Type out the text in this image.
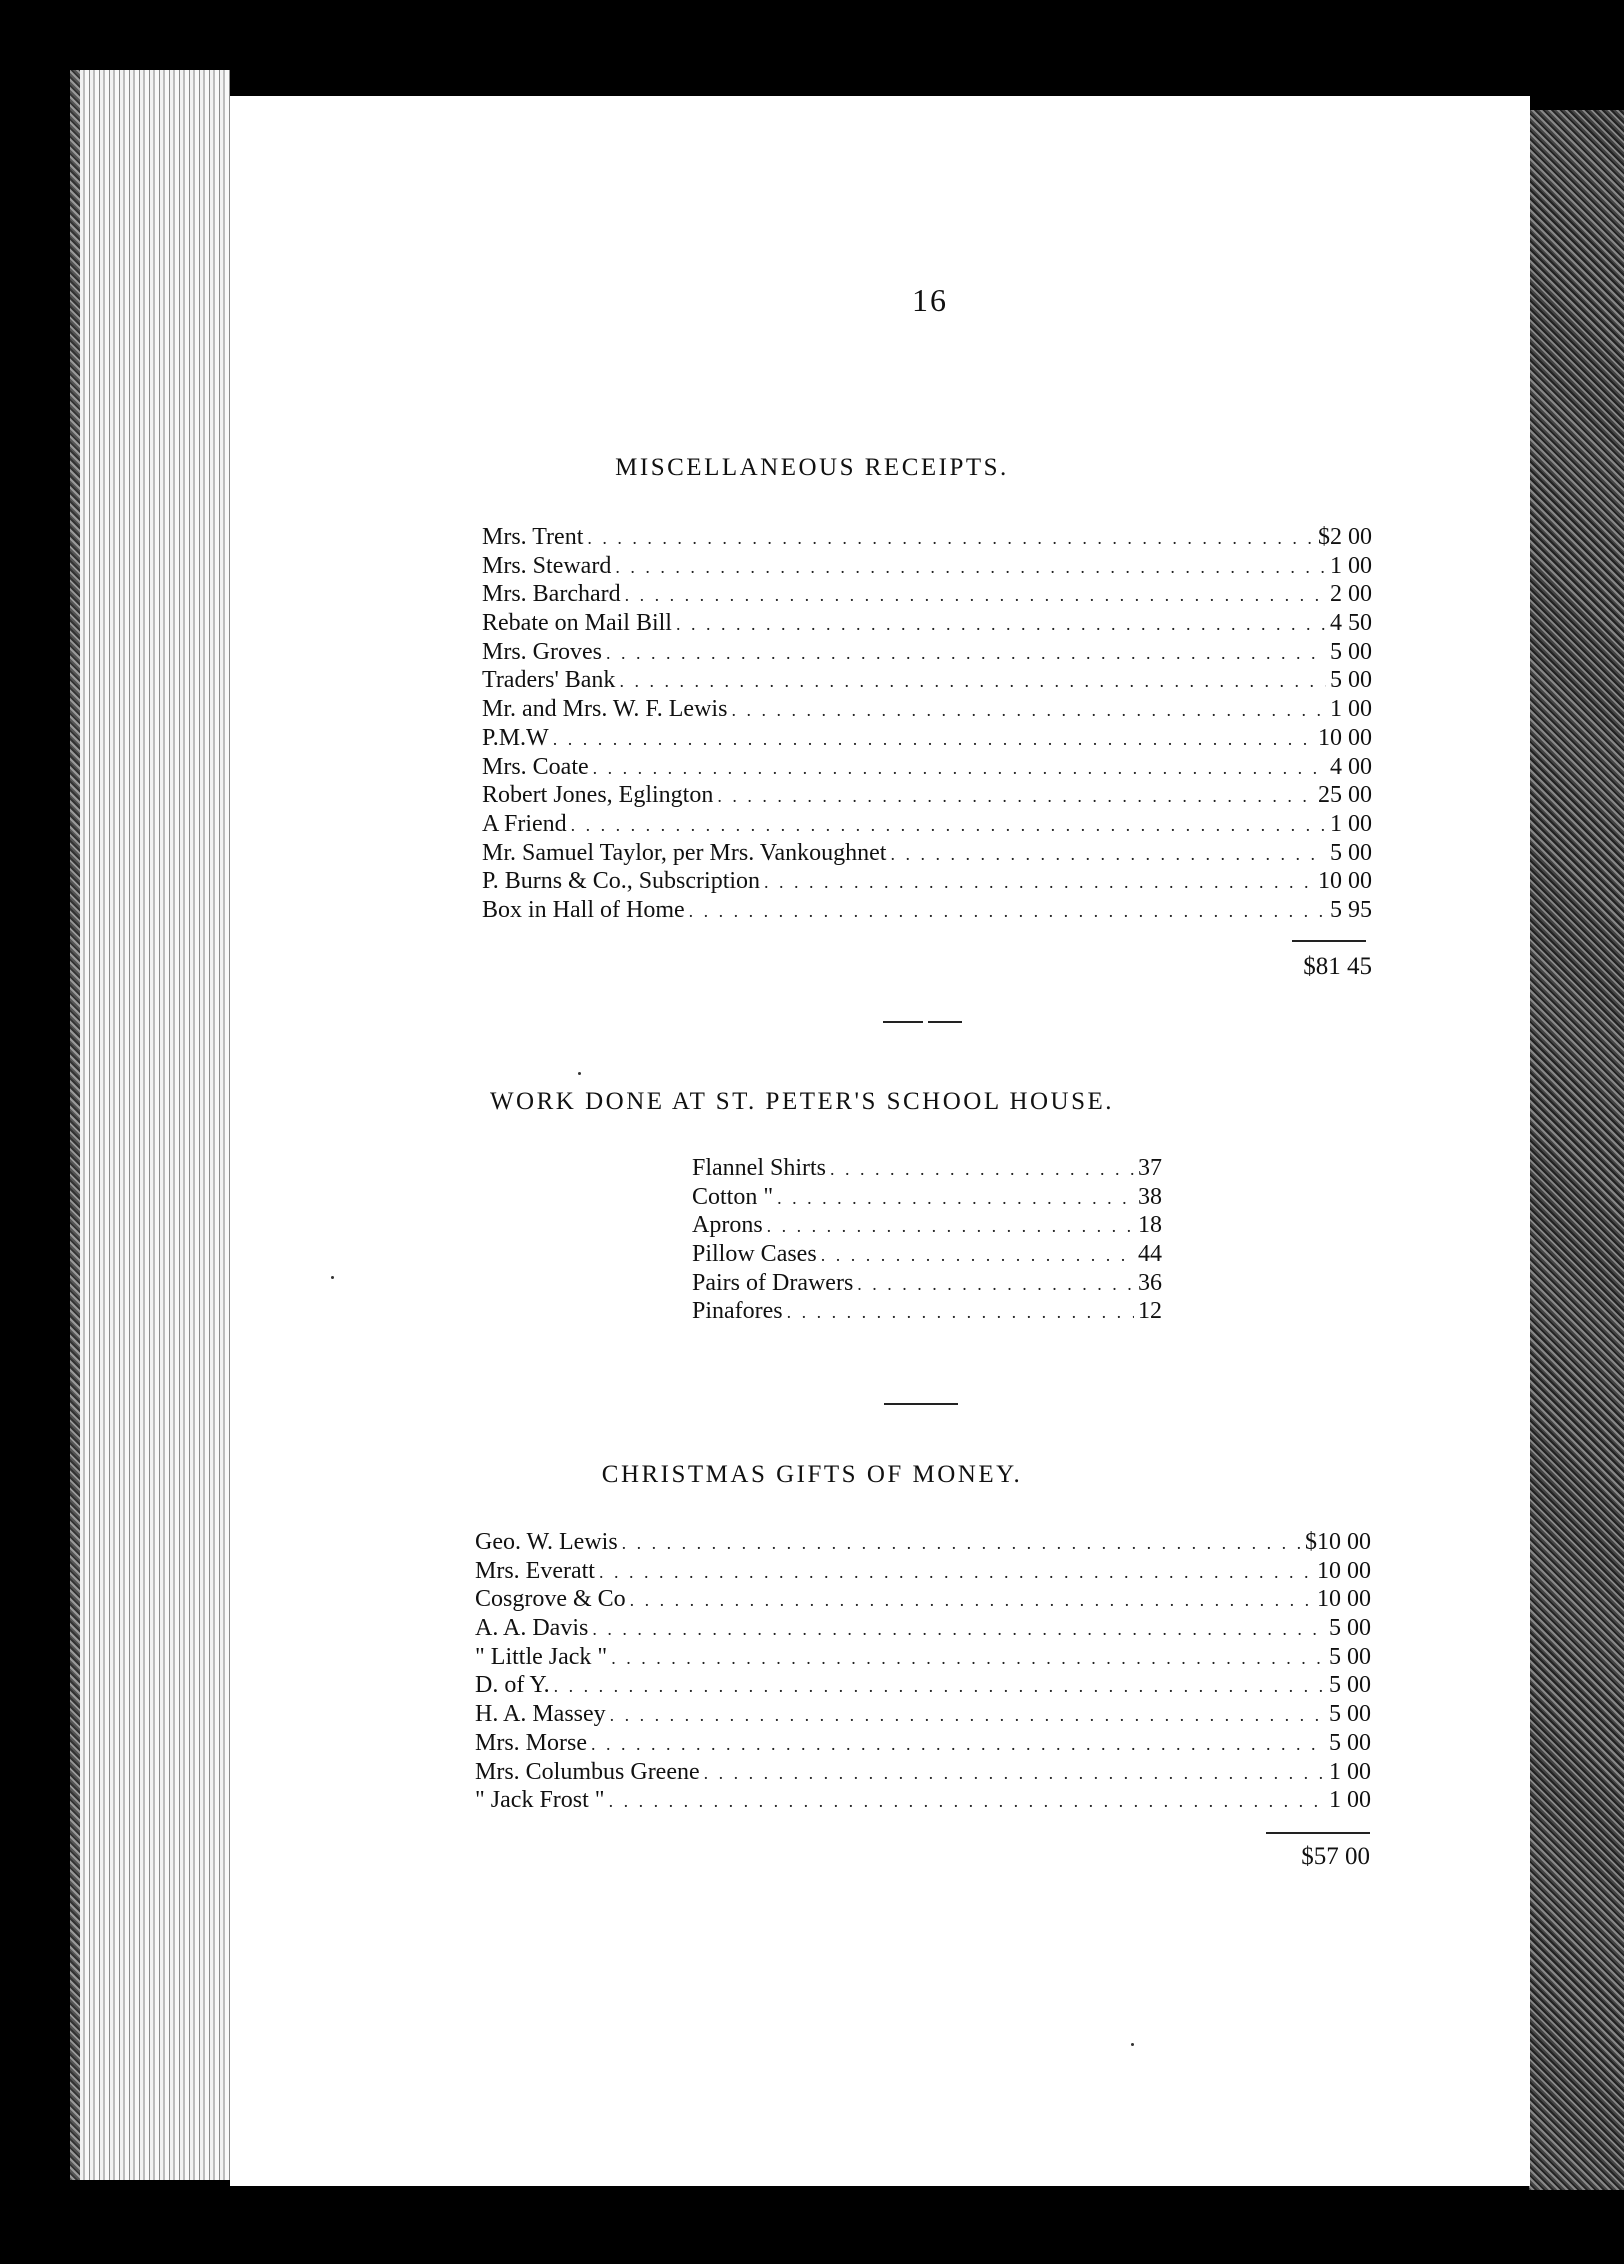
16
MISCELLANEOUS RECEIPTS.
Mrs. Trent . . .	$2 00
Mrs. Steward . . .	1 00
Mrs. Barchard . . .	2 00
Rebate on Mail Bill . . .	4 50
Mrs. Groves . . .	5 00
Traders' Bank . . .	5 00
Mr. and Mrs. W. F. Lewis . . .	1 00
P.M.W . . .	10 00
Mrs. Coate . . .	4 00
Robert Jones, Eglington . . .	25 00
A Friend . . .	1 00
Mr. Samuel Taylor, per Mrs. Vankoughnet . . .	5 00
P. Burns & Co., Subscription . . .	10 00
Box in Hall of Home . . .	5 95
$81 45
WORK DONE AT ST. PETER'S SCHOOL HOUSE.
Flannel Shirts . . .	37
Cotton " . . .	38
Aprons . . .	18
Pillow Cases . . .	44
Pairs of Drawers . . .	36
Pinafores . . .	12
CHRISTMAS GIFTS OF MONEY.
Geo. W. Lewis . . .	$10 00
Mrs. Everatt . . .	10 00
Cosgrove & Co . . .	10 00
A. A. Davis . . .	5 00
" Little Jack " . . .	5 00
D. of Y. . . .	5 00
H. A. Massey . . .	5 00
Mrs. Morse . . .	5 00
Mrs. Columbus Greene . . .	1 00
" Jack Frost " . . .	1 00
$57 00
